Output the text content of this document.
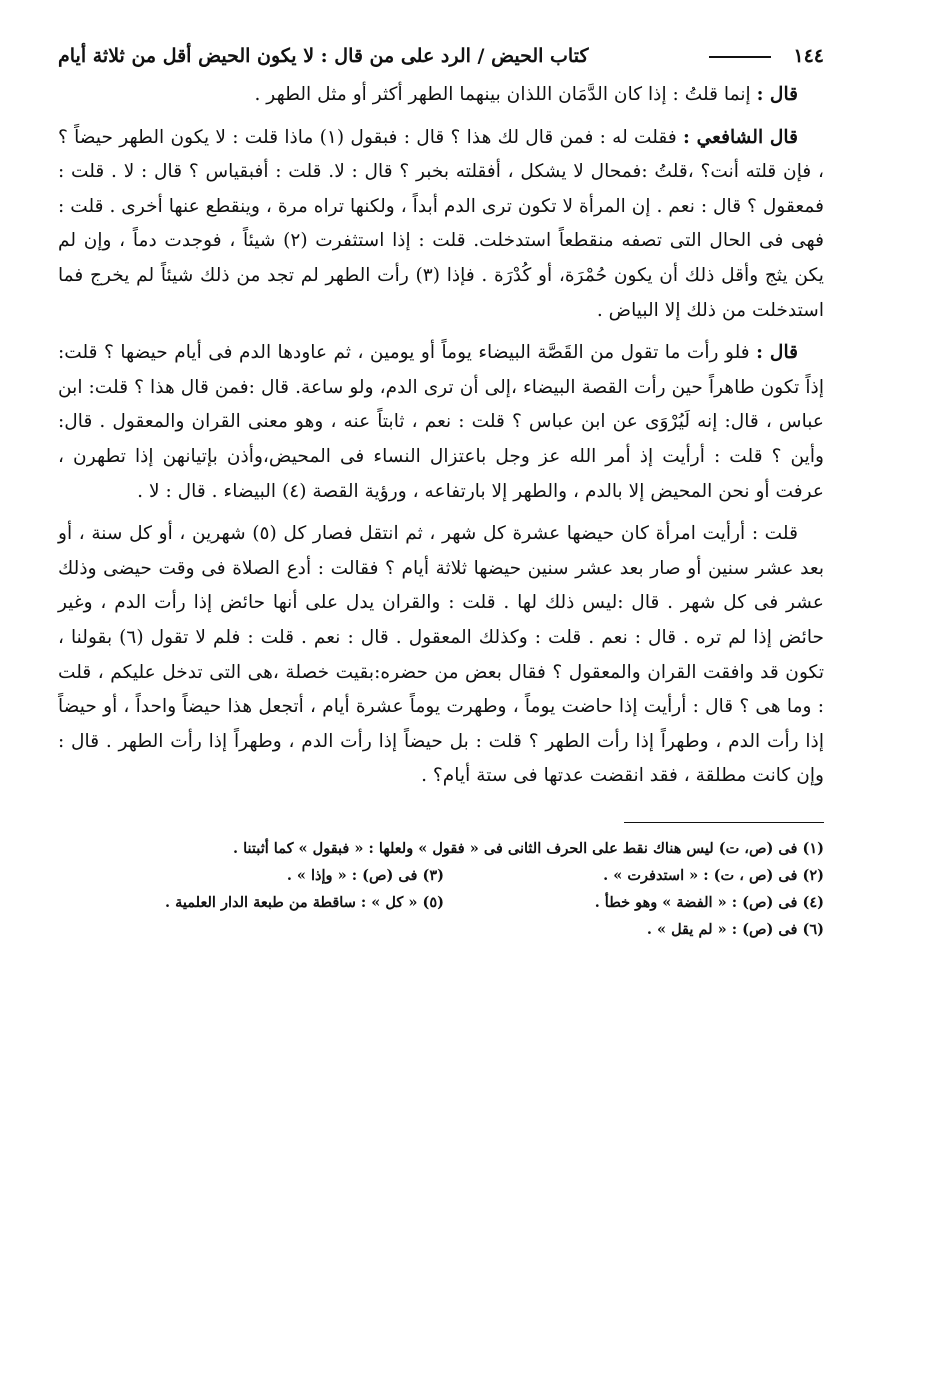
١٤٤
كتاب الحيض / الرد على من قال : لا يكون الحيض أقل من ثلاثة أيام

قال : إنما قلتُ : إذا كان الدَّمَان اللذان بينهما الطهر أكثر أو مثل الطهر .

قال الشافعي : فقلت له : فمن قال لك هذا ؟ قال : فبقول (١) ماذا قلت : لا يكون الطهر حيضاً ؟ ، فإن قلته أنت؟ ،قلتُ :فمحال لا يشكل ، أفقلته بخبر ؟ قال : لا. قلت : أفبقياس ؟ قال : لا . قلت : فمعقول ؟ قال : نعم . إن المرأة لا تكون ترى الدم أبداً ، ولكنها تراه مرة ، وينقطع عنها أخرى . قلت : فهى فى الحال التى تصفه منقطعاً استدخلت. قلت : إذا استثفرت (٢) شيئاً ، فوجدت دماً ، وإن لم يكن يثج وأقل ذلك أن يكون حُمْرَة، أو كُدْرَة . فإذا (٣) رأت الطهر لم تجد من ذلك شيئاً لم يخرج فما استدخلت من ذلك إلا البياض .

قال : فلو رأت ما تقول من القَصَّة البيضاء يوماً أو يومين ، ثم عاودها الدم فى أيام حيضها ؟ قلت: إذاً تكون طاهراً حين رأت القصة البيضاء ،إلى أن ترى الدم، ولو ساعة. قال :فمن قال هذا ؟ قلت: ابن عباس ، قال: إنه لَيُرْوَى عن ابن عباس ؟ قلت : نعم ، ثابتاً عنه ، وهو معنى القران والمعقول . قال: وأين ؟ قلت : أرأيت إذ أمر الله عز وجل باعتزال النساء فى المحيض،وأذن بإتيانهن إذا تطهرن ، عرفت أو نحن المحيض إلا بالدم ، والطهر إلا بارتفاعه ، ورؤية القصة (٤) البيضاء . قال : لا .

قلت : أرأيت امرأة كان حيضها عشرة كل شهر ، ثم انتقل فصار كل (٥) شهرين ، أو كل سنة ، أو بعد عشر سنين أو صار بعد عشر سنين حيضها ثلاثة أيام ؟ فقالت : أدع الصلاة فى وقت حيضى وذلك عشر فى كل شهر . قال :ليس ذلك لها . قلت : والقران يدل على أنها حائض إذا رأت الدم ، وغير حائض إذا لم تره . قال : نعم . قلت : وكذلك المعقول . قال : نعم . قلت : فلم لا تقول (٦) بقولنا ، تكون قد وافقت القران والمعقول ؟ فقال بعض من حضره:بقيت خصلة ،هى التى تدخل عليكم ، قلت : وما هى ؟ قال : أرأيت إذا حاضت يوماً ، وطهرت يوماً عشرة أيام ، أتجعل هذا حيضاً واحداً ، أو حيضاً إذا رأت الدم ، وطهراً إذا رأت الطهر ؟ قلت : بل حيضاً إذا رأت الدم ، وطهراً إذا رأت الطهر . قال : وإن كانت مطلقة ، فقد انقضت عدتها فى ستة أيام؟ .

(١) فى (ص، ت) ليس هناك نقط على الحرف الثانى فى « فقول » ولعلها : « فبقول » كما أثبتنا .
(٢) فى (ص ، ت) : « استدفرت » .
(٣) فى (ص) : « وإذا » .
(٤) فى (ص) : « الفضة » وهو خطأ .
(٥) « كل » : ساقطة من طبعة الدار العلمية .
(٦) فى (ص) : « لم يقل » .
